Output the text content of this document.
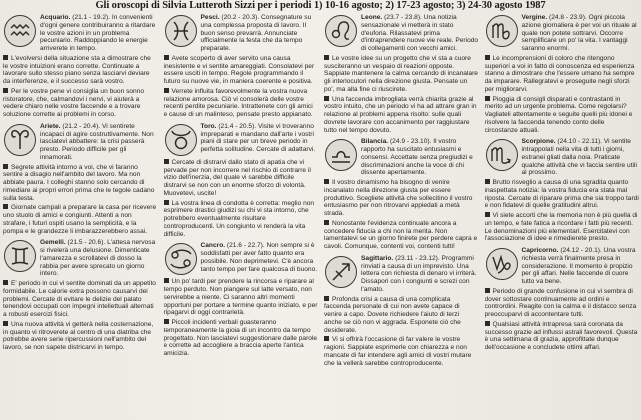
Gli oroscopi di Silvia Lutteroth Sizzi per i periodi 1) 10-16 agosto; 2) 17-23 agosto; 3) 24-30 agosto 1987
Acquario. (21.1 - 19.2). In convenienti d'ogni genere contribuiranno a ritardare le vostre azioni in un problema pecuniario. Raddoppiando le energie arriverete in tempo.
L'evolversi della situazione sta a dimostrare che le vostre intuizioni erano corrette. Continuate a lavorare sullo stesso piano senza lasciarvi deviare da interferenze, e il successo sarà vostro.
Per le vostre pene vi consiglia un buon sonno ristoratore, che, calmandovi i nervi, vi aiuterà a vedere chiaro nelle vostre faccende e a trovare soluzione corrette ai problemi in corso.
Ariete. (21.2 - 20.4). Vi sentirete incapaci di agire costruttivamente. Non lasciatevi abbattere: la crisi passerà presto. Periodo difficile per gli innamorati.
Segrete attività intorno a voi, che vi faranno sentire a disagio nell'ambito del lavoro. Ma non abbiate paura. I colleghi stanno solo cercando di rimediare ai propri errori prima che le tegole cadano sulla testa.
Giornate campali a preparare la casa per ricevere uno stuolo di amici e congiunti. Attenti a non strafare, i futuri ospiti usano la semplicità, e la pompa e le grandezze li imbarazzerebbero assai.
Gemelli. (21.5 - 20.6). L'attesa nervosa si rivelerà una delusione. Dimenticate l'amarezza e scrollatevi di dosso la rabbia per avere sprecato un giorno intero.
E' periodo in cui vi sentite dominati da un appetito formidabile. Le calorie extra possono causarvi dei problemi. Cercate di evitare le delizie del palato tenendovi occupati con impegni intellettuali alternati a robusti esercizi fisici.
Una nuova attività vi getterà nella costernazione, in quanto vi ritroverete al centro di una diatriba che potrebbe avere serie ripercussioni nell'ambito del lavoro, se non sapete districarvi in tempo.
Pesci. (20.2 - 20.3). Consegnature su una complessa proposta di lavoro. Il buon senso prevarrà. Annunciate ufficialmente la festa che da tempo preparate.
Avete scoperto di aver servito una causa inesistente e vi sentite amareggiati. Consolatevi per essere usciti in tempo. Regole programmando il futuro su nuove vie, in maniera coerente e positiva.
Verrete influita favorevolmente la vostra nuova relazione amorosa. Ciò vi consolerà delle vostre recenti perdite pecuniarie. Intrattenete con gli amici e cause di un malinteso, pensate presto appianato.
Toro. (21.4 - 20.5). Visite vi troveranno impreparati e mandano dall'arte i vostri piani di stare per un breve periodo in perfetta solitudine. Cercate di adattarvi.
Cercate di distrarvi dallo stato di apatia che vi pervade per non incorrere nel rischio di contrarre il vizio dell'inerzia, del quale vi sarebbe difficile distrarvi se non con un enorme sforzo di volontà. Muovetevi, uscite!
La vostra linea di condotta è corretta: meglio non esprimere drastici giudizi su chi vi sta intorno, che potrebbero eventualmente risultare controproducenti. Un congiunto vi renderà la vita difficile.
Cancro. (21.6 - 22.7). Non sempre si è soddisfatti per aver fatto quanto era possibile. Non deprimetevi. C'è ancora tanto tempo per fare qualcosa di buono.
Un po' tardi per prendere la rincorsa e riparare al tempo perduto. Non piangere sul latte versato, non servirebbe a niente. Ci saranno altri momenti opportuni per portare a termine quanto iniziato, e per ripagarvi di oggi contrarietà.
Piccoli incidenti verbali guasteranno temporaneamente la gioia di un incontro da tempo progettato. Non lasciatevi suggestionare dalle parole e corrette ad accogliere a braccia aperte l'antica amicizia.
Leone. (23.7 - 23.8). Una notizia sensazionale vi metterà in stato d'euforia. Rilassatevi prima d'intraprendere nuove vie reale. Periodo di collegamenti con vecchi amici.
Le vostre idee su un progetto che vi sta a cuore susciteranno un vespaio di reazioni opposte. Sappiate mantenere la calma cercando di incanalare gli interlocutori nella direzione giusta. Pensate un po', ma alla fine ci riuscirete.
Una faccenda imbrogliata verrà chiarita grazie al vostro intuito, che un periodo vi ha ad attrare gran in relazione al problemi appena risolto: sulle quali dovrete lavorare con accanimento per raggiustare tutto nel tempo dovuto.
Bilancia. (24.9 - 23.10). Il vostro rapporto ha suscitato entusiasmi e consensi. Accettate senza pregiudizi e discriminazioni anche la voce di chi dissente apertamente.
Il vostro dinamismo ha bisogno di venire incanalato nella direzione giusta per essere produttivo. Scegliete attività che sollecitino il vostro entusiasmo per non ritrovarvi appiedati a metà strada.
Nonostante l'evidenza continuate ancora a concedere fiducia a chi non la merita. Non lamentatevi se un giorno finirete per perdere capra e cavoli. Comunque, contenti voi, contenti tutti!
Sagittario. (23.11 - 23.12). Programmi rinviati a causa di un imprevisto. Una lettera con richiesta di denaro vi irriterà. Dissapori con i congiunti e screzi con l'amato.
Profonda crisi a causa di una complicata faccenda personale di cui non avete capace di venire a capo. Dovete richiedere l'aiuto di terzi anche se ciò non vi aggrada. Esponete ciò che desiderate.
Vi si offrirà l'occasione di far valere le vostre ragioni. Sappiate esprimerle con chiarezza e non mancate di far intendere agli amici di vostri mutare che la vellerà sarebbe controproducente.
Vergine. (24.8 - 23.9). Ogni piccola azione giornaliera è per voi un rituale al quale non potete sottrarvi. Occorre semplificare un po' la vita. I vantaggi saranno enormi.
Le incomprensioni di coloro che ritengono superiori a voi in fatto di conoscenza ed esperienza stanno a dimostrare che l'essere umano ha sempre da imparare. Rallegratevi e proseguite negli sforzi per migliorarvi.
Pioggia di consigli disparati e contrastanti in merito ad un urgente problema. Come regolarsi? Vagliateli attentamente e seguite quelli più idonei e risolvere la faccenda tenendo conto delle circostanze attuali.
Scorpione. (24.10 - 22.11). Vi sentite intrappolati nella vita di tutti i giorni, estranei gliati dalla noia. Praticate qualche attività che vi faccia sentire utili al prossimo.
Brutto risveglio a causa di una sgradita quanto inaspettata notizia: la vostra fiducia era stata mal riposta. Cercate di riparare prima che sia troppo tardi e non fidatevi di quelle gratitudini altrui.
Vi siete accorti che la memoria non è più quella di un tempo, e fate fatica a ricordare i fatti più recenti. Le denominazioni più elementari. Esercitatevi con l'associazione di idee e rimedierete presto.
Capricorno. (24.12 - 20.1). Una vostra richiesta verrà finalmente presa in considerazione. Il momento è propizio per gli affari. Nelle faccende di cuore tutto va bene.
Periodo di grande confusione in cui vi sembra di dover sottostare continuamente ad ordini e contrordini. Reagite con la calma e il distacco senza preoccuparvi di accontentare tutti.
Qualsiasi attività intrapresa sarà coronata da successo grazie ad influssi astrali favorevoli. Questa è una settimana di grazia, approfittate dunque dell'occasione e concludete ottimi affari.
